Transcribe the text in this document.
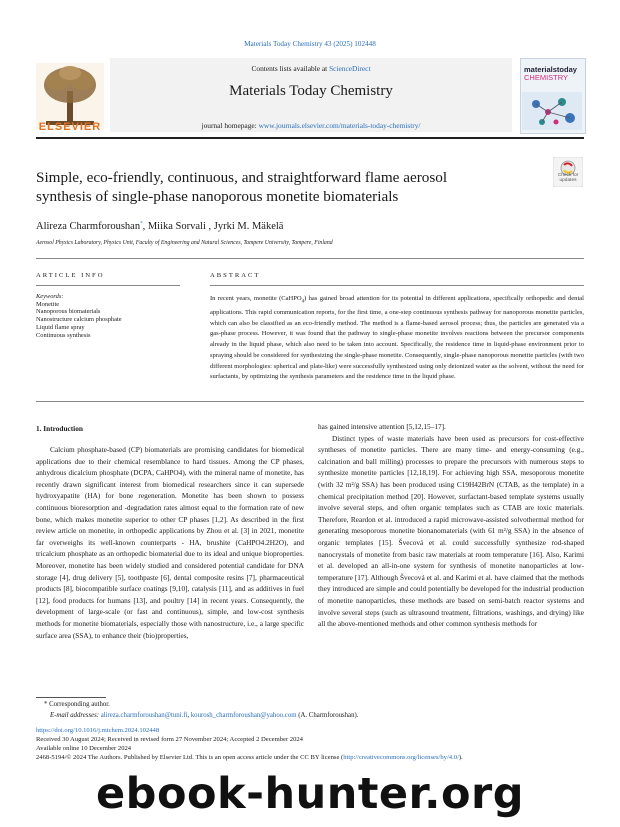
Materials Today Chemistry 43 (2025) 102448
Contents lists available at ScienceDirect
Materials Today Chemistry
journal homepage: www.journals.elsevier.com/materials-today-chemistry/
ELSEVIER
materialstoday
CHEMISTRY
Check for updates
Simple, eco-friendly, continuous, and straightforward flame aerosol
synthesis of single-phase nanoporous monetite biomaterials
Alireza Charmforoushan*, Miika Sorvali , Jyrki M. Mäkelä
Aerosol Physics Laboratory, Physics Unit, Faculty of Engineering and Natural Sciences, Tampere University, Tampere, Finland
ARTICLE INFO	ABSTRACT
Keywords:
Monetite
Nanoporous biomaterials
Nanostructure calcium phosphate
Liquid flame spray
Continuous synthesis
In recent years, monetite (CaHPO$_4$) has gained broad attention for its potential in different applications, specifically orthopedic and dental applications. This rapid communication reports, for the first time, a one-step continuous synthesis pathway for nanoporous monetite particles, which can also be classified as an eco-friendly method. The method is a flame-based aerosol process; thus, the particles are generated via a gas-phase process. However, it was found that the pathway to single-phase monetite involves reactions between the precursor components already in the liquid phase, which also need to be taken into account. Specifically, the residence time in liquid-phase environment prior to spraying should be considered for synthesizing the single-phase monetite. Consequently, single-phase nanoporous monetite particles (with two different morphologies: spherical and plate-like) were successfully synthesized using only deionized water as the solvent, without the need for surfactants, by optimizing the synthesis parameters and the residence time in the liquid phase.
1. Introduction

Calcium phosphate-based (CP) biomaterials are promising candidates for biomedical applications due to their chemical resemblance to hard tissues. Among the CP phases, anhydrous dicalcium phosphate (DCPA, CaHPO4), with the mineral name of monetite, has recently drawn significant interest from biomedical researchers since it can supersede hydroxyapatite (HA) for bone regeneration. Monetite has been shown to possess continuous bioresorption and -degradation rates almost equal to the formation rate of new bone, which makes monetite superior to other CP phases [1,2]. As described in the first review article on monetite, in orthopedic applications by Zhou et al. [3] in 2021, monetite far overweighs its well-known counterparts - HA, brushite (CaHPO4.2H2O), and tricalcium phosphate as an orthopedic biomaterial due to its ideal and unique bioproperties. Moreover, monetite has been widely studied and considered potential candidate for DNA storage [4], drug delivery [5], toothpaste [6], dental composite resins [7], pharmaceutical products [8], biocompatible surface coatings [9,10], catalysis [11], and as additives in fuel [12], food products for humans [13], and poultry [14] in recent years. Consequently, the development of large-scale (or fast and continuous), simple, and low-cost synthesis methods for monetite biomaterials, especially those with nanostructure, i.e., a large specific surface area (SSA), to enhance their (bio)properties,

has gained intensive attention [5,12,15–17].

Distinct types of waste materials have been used as precursors for cost-effective syntheses of monetite particles. There are many time- and energy-consuming (e.g., calcination and ball milling) processes to prepare the precursors with numerous steps to synthesize monetite particles [12,18,19]. For achieving high SSA, mesoporous monetite (with 32 m²/g SSA) has been produced using C19H42BrN (CTAB, as the template) in a chemical precipitation method [20]. However, surfactant-based template systems usually involve several steps, and often organic templates such as CTAB are toxic materials. Therefore, Reardon et al. introduced a rapid microwave-assisted solvothermal method for generating mesoporous monetite bionanomaterials (with 61 m²/g SSA) in the absence of organic templates [15]. Švecová et al. could successfully synthesize rod-shaped nanocrystals of monetite from basic raw materials at room temperature [16]. Also, Karimi et al. developed an all-in-one system for synthesis of monetite nanoparticles at low-temperature [17]. Although Švecová et al. and Karimi et al. have claimed that the methods they introduced are simple and could potentially be developed for the industrial production of monetite nanoparticles, these methods are based on semi-batch reactor systems and involve several steps (such as ultrasound treatment, filtrations, washings, and drying) like all the above-mentioned methods and other common synthesis methods for

* Corresponding author.
E-mail addresses: alireza.charmforoushan@tuni.fi, kourosh_charmforoushan@yahoo.com (A. Charmforoushan).
https://doi.org/10.1016/j.mtchem.2024.102448
Received 30 August 2024; Received in revised form 27 November 2024; Accepted 2 December 2024
Available online 10 December 2024
2468-5194/© 2024 The Authors. Published by Elsevier Ltd. This is an open access article under the CC BY license (http://creativecommons.org/licenses/by/4.0/).
ebook-hunter.org
